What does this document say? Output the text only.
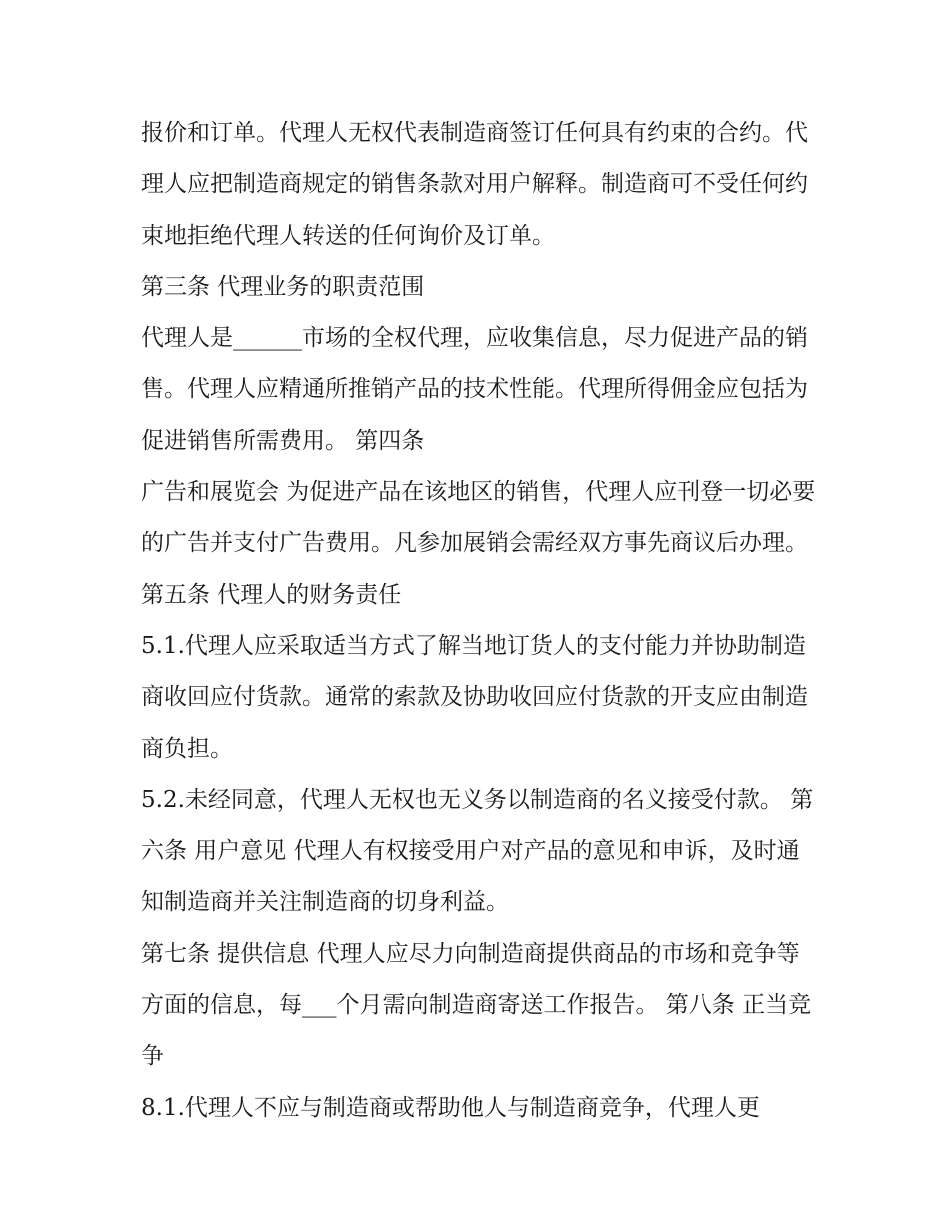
报价和订单。代理人无权代表制造商签订任何具有约束的合约。代理人应把制造商规定的销售条款对用户解释。制造商可不受任何约束地拒绝代理人转送的任何询价及订单。

第三条 代理业务的职责范围

代理人是______市场的全权代理，应收集信息，尽力促进产品的销售。代理人应精通所推销产品的技术性能。代理所得佣金应包括为促进销售所需费用。 第四条

广告和展览会 为促进产品在该地区的销售，代理人应刊登一切必要的广告并支付广告费用。凡参加展销会需经双方事先商议后办理。 第五条 代理人的财务责任

5.1.代理人应采取适当方式了解当地订货人的支付能力并协助制造商收回应付货款。通常的索款及协助收回应付货款的开支应由制造商负担。

5.2.未经同意，代理人无权也无义务以制造商的名义接受付款。 第六条 用户意见 代理人有权接受用户对产品的意见和申诉，及时通知制造商并关注制造商的切身利益。

第七条 提供信息 代理人应尽力向制造商提供商品的市场和竞争等方面的信息，每___个月需向制造商寄送工作报告。 第八条 正当竞争

8.1.代理人不应与制造商或帮助他人与制造商竞争，代理人更
